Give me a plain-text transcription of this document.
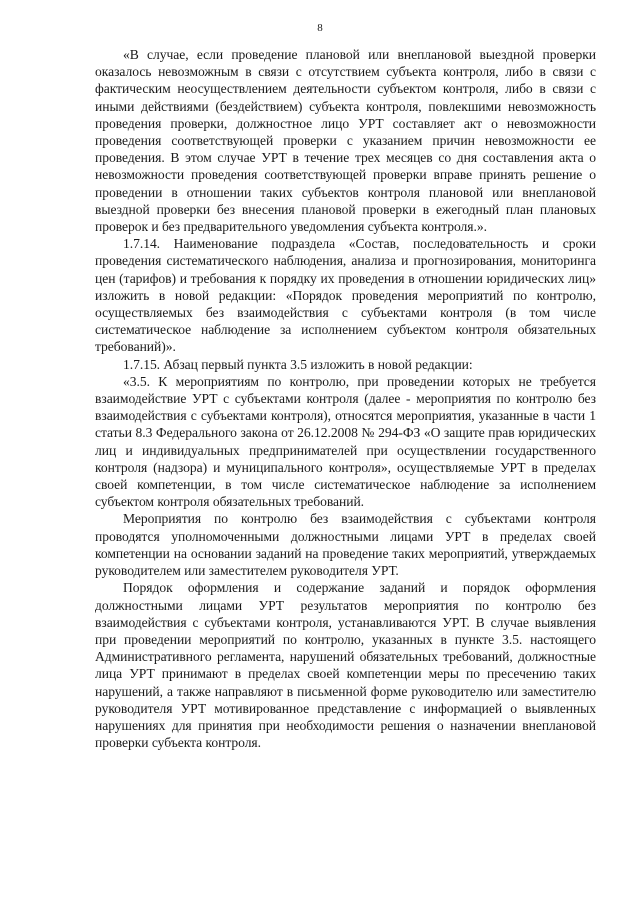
8

«В случае, если проведение плановой или внеплановой выездной проверки оказалось невозможным в связи с отсутствием субъекта контроля, либо в связи с фактическим неосуществлением деятельности субъектом контроля, либо в связи с иными действиями (бездействием) субъекта контроля, повлекшими невозможность проведения проверки, должностное лицо УРТ составляет акт о невозможности проведения соответствующей проверки с указанием причин невозможности ее проведения. В этом случае УРТ в течение трех месяцев со дня составления акта о невозможности проведения соответствующей проверки вправе принять решение о проведении в отношении таких субъектов контроля плановой или внеплановой выездной проверки без внесения плановой проверки в ежегодный план плановых проверок и без предварительного уведомления субъекта контроля.».

1.7.14. Наименование подраздела «Состав, последовательность и сроки проведения систематического наблюдения, анализа и прогнозирования, мониторинга цен (тарифов) и требования к порядку их проведения в отношении юридических лиц» изложить в новой редакции: «Порядок проведения мероприятий по контролю, осуществляемых без взаимодействия с субъектами контроля (в том числе систематическое наблюдение за исполнением субъектом контроля обязательных требований)».

1.7.15. Абзац первый пункта 3.5 изложить в новой редакции:

«3.5. К мероприятиям по контролю, при проведении которых не требуется взаимодействие УРТ с субъектами контроля (далее - мероприятия по контролю без взаимодействия с субъектами контроля), относятся мероприятия, указанные в части 1 статьи 8.3 Федерального закона от 26.12.2008 № 294-ФЗ «О защите прав юридических лиц и индивидуальных предпринимателей при осуществлении государственного контроля (надзора) и муниципального контроля», осуществляемые УРТ в пределах своей компетенции, в том числе систематическое наблюдение за исполнением субъектом контроля обязательных требований.

Мероприятия по контролю без взаимодействия с субъектами контроля проводятся уполномоченными должностными лицами УРТ в пределах своей компетенции на основании заданий на проведение таких мероприятий, утверждаемых руководителем или заместителем руководителя УРТ.

Порядок оформления и содержание заданий и порядок оформления должностными лицами УРТ результатов мероприятия по контролю без взаимодействия с субъектами контроля, устанавливаются УРТ. В случае выявления при проведении мероприятий по контролю, указанных в пункте 3.5. настоящего Административного регламента, нарушений обязательных требований, должностные лица УРТ принимают в пределах своей компетенции меры по пресечению таких нарушений, а также направляют в письменной форме руководителю или заместителю руководителя УРТ мотивированное представление с информацией о выявленных нарушениях для принятия при необходимости решения о назначении внеплановой проверки субъекта контроля.
